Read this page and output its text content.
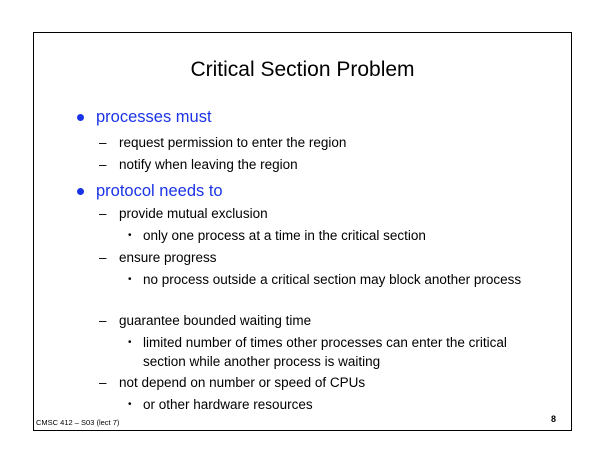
Critical Section Problem
processes must
– request permission to enter the region
– notify when leaving the region
protocol needs to
– provide mutual exclusion
• only one process at a time in the critical section
– ensure progress
• no process outside a critical section may block another process
– guarantee bounded waiting time
• limited number of times other processes can enter the critical section while another process is waiting
– not depend on number or speed of CPUs
• or other hardware resources
CMSC 412 – S03 (lect 7)	8
